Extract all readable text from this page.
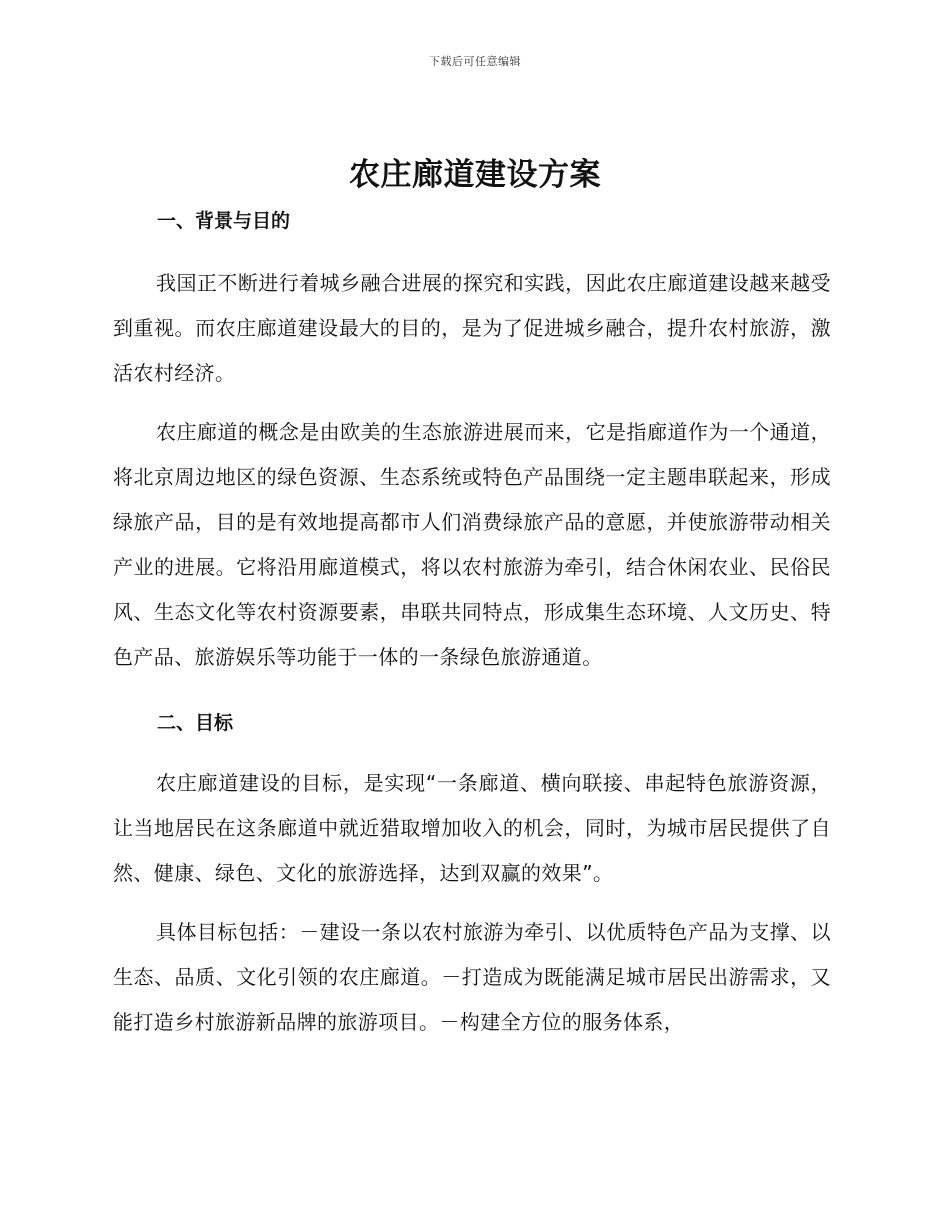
下载后可任意编辑
农庄廊道建设方案
一、背景与目的

我国正不断进行着城乡融合进展的探究和实践，因此农庄廊道建设越来越受到重视。而农庄廊道建设最大的目的，是为了促进城乡融合，提升农村旅游，激活农村经济。

农庄廊道的概念是由欧美的生态旅游进展而来，它是指廊道作为一个通道，将北京周边地区的绿色资源、生态系统或特色产品围绕一定主题串联起来，形成绿旅产品，目的是有效地提高都市人们消费绿旅产品的意愿，并使旅游带动相关产业的进展。它将沿用廊道模式，将以农村旅游为牵引，结合休闲农业、民俗民风、生态文化等农村资源要素，串联共同特点，形成集生态环境、人文历史、特色产品、旅游娱乐等功能于一体的一条绿色旅游通道。

二、目标

农庄廊道建设的目标，是实现“一条廊道、横向联接、串起特色旅游资源，让当地居民在这条廊道中就近猎取增加收入的机会，同时，为城市居民提供了自然、健康、绿色、文化的旅游选择，达到双赢的效果”。

具体目标包括：－建设一条以农村旅游为牵引、以优质特色产品为支撑、以生态、品质、文化引领的农庄廊道。－打造成为既能满足城市居民出游需求，又能打造乡村旅游新品牌的旅游项目。－构建全方位的服务体系，
